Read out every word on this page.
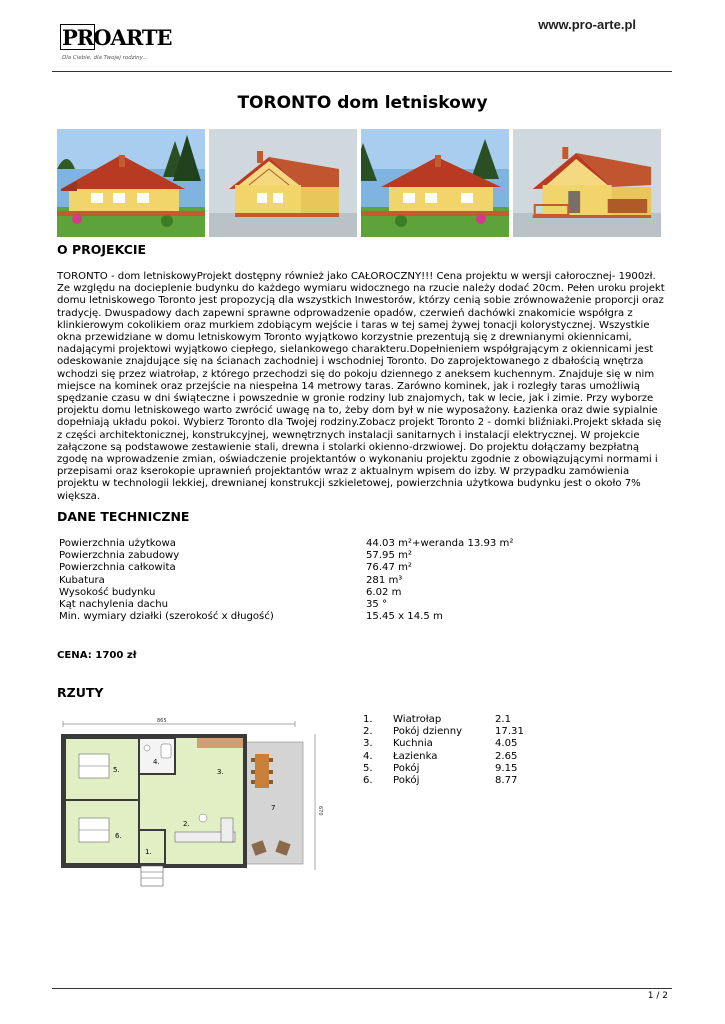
PROARTE
Dla Ciebie, dla Twojej rodziny...
www.pro-arte.pl
TORONTO dom letniskowy
O PROJEKCIE
TORONTO - dom letniskowyProjekt dostępny również jako CAŁOROCZNY!!! Cena projektu w wersji całorocznej- 1900zł. Ze względu na docieplenie budynku do każdego wymiaru widocznego na rzucie należy dodać 20cm. Pełen uroku projekt domu letniskowego Toronto jest propozycją dla wszystkich Inwestorów, którzy cenią sobie zrównoważenie proporcji oraz tradycję. Dwuspadowy dach zapewni sprawne odprowadzenie opadów, czerwień dachówki znakomicie współgra z klinkierowym cokolikiem oraz murkiem zdobiącym wejście i taras w tej samej żywej tonacji kolorystycznej. Wszystkie okna przewidziane w domu letniskowym Toronto wyjątkowo korzystnie prezentują się z drewnianymi okiennicami, nadającymi projektowi wyjątkowo ciepłego, sielankowego charakteru.Dopełnieniem współgrającym z okiennicami jest odeskowanie znajdujące się na ścianach zachodniej i wschodniej Toronto. Do zaprojektowanego z dbałością wnętrza wchodzi się przez wiatrołap, z którego przechodzi się do pokoju dziennego z aneksem kuchennym. Znajduje się w nim miejsce na kominek oraz przejście na niespełna 14 metrowy taras. Zarówno kominek, jak i rozległy taras umożliwią spędzanie czasu w dni świąteczne i powszednie w gronie rodziny lub znajomych, tak w lecie, jak i zimie. Przy wyborze projektu domu letniskowego warto zwrócić uwagę na to, żeby dom był w nie wyposażony. Łazienka oraz dwie sypialnie dopełniają układu pokoi. Wybierz Toronto dla Twojej rodziny.Zobacz projekt Toronto 2 - domki bliźniaki.Projekt składa się z części architektonicznej, konstrukcyjnej, wewnętrznych instalacji sanitarnych i instalacji elektrycznej. W projekcie załączone są podstawowe zestawienie stali, drewna i stolarki okienno-drzwiowej. Do projektu dołączamy bezpłatną zgodę na wprowadzenie zmian, oświadczenie projektantów o wykonaniu projektu zgodnie z obowiązującymi normami i przepisami oraz kserokopie uprawnień projektantów wraz z aktualnym wpisem do izby. W przypadku zamówienia projektu w technologii lekkiej, drewnianej konstrukcji szkieletowej, powierzchnia użytkowa budynku jest o około 7% większa.
DANE TECHNICZNE
Powierzchnia użytkowa	44.03 m²+weranda 13.93 m²
Powierzchnia zabudowy	57.95 m²
Powierzchnia całkowita	76.47 m²
Kubatura	281 m³
Wysokość budynku	6.02 m
Kąt nachylenia dachu	35 °
Min. wymiary działki (szerokość x długość)	15.45 x 14.5 m
CENA: 1700 zł
RZUTY
865
670
1.
2.
3.
4.
5.
6.
7
1. Wiatrołap	2.1
2. Pokój dzienny	17.31
3. Kuchnia	4.05
4. Łazienka	2.65
5. Pokój	9.15
6. Pokój	8.77
1 / 2
